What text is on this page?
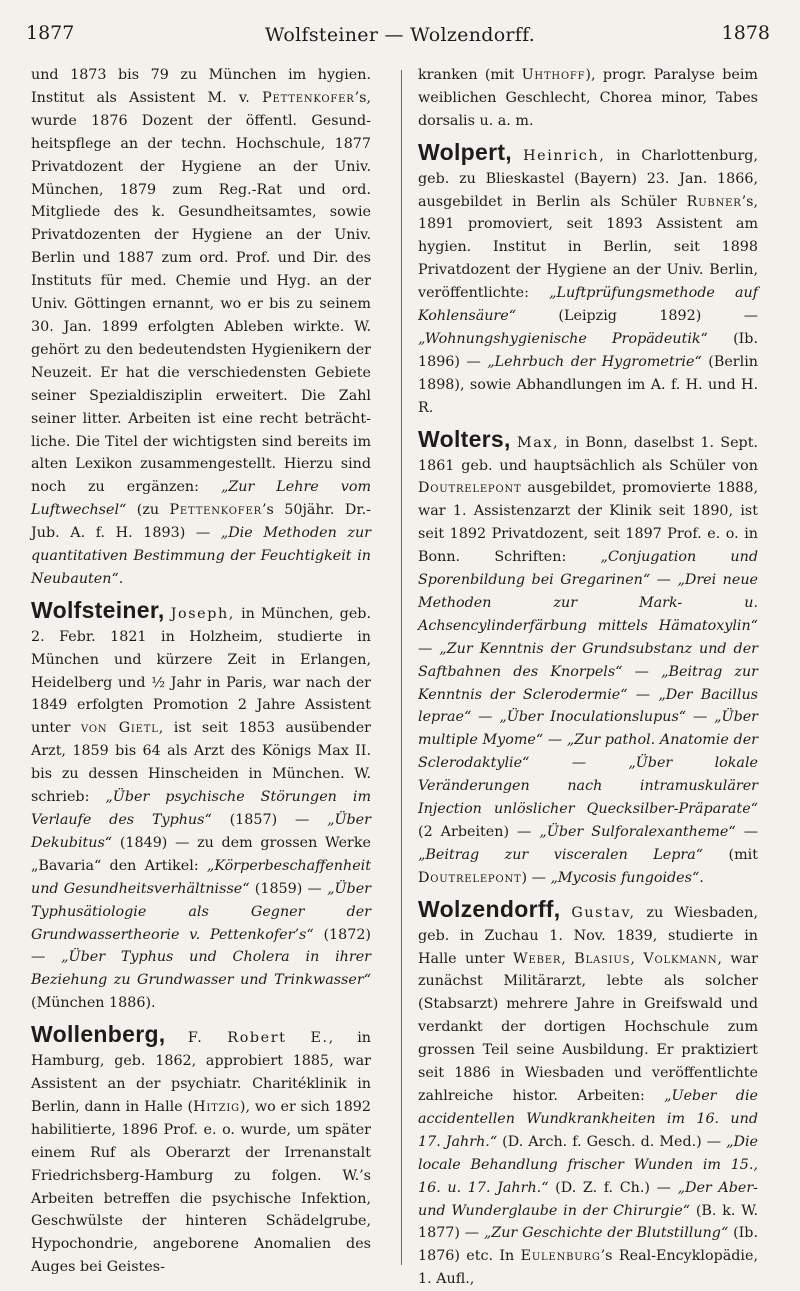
1877	Wolfsteiner — Wolzendorff.	1878

und 1873 bis 79 zu München im hygien. Institut als Assistent M. v. Pettenkofer’s, wurde 1876 Dozent der öffentl. Gesundheitspflege an der techn. Hochschule, 1877 Privatdozent der Hygiene an der Univ. München, 1879 zum Reg.-Rat und ord. Mitgliede des k. Gesundheitsamtes, sowie Privatdozenten der Hygiene an der Univ. Berlin und 1887 zum ord. Prof. und Dir. des Instituts für med. Chemie und Hyg. an der Univ. Göttingen ernannt, wo er bis zu seinem 30. Jan. 1899 erfolgten Ableben wirkte. W. gehört zu den bedeutendsten Hygienikern der Neuzeit. Er hat die verschiedensten Gebiete seiner Spezialdisziplin erweitert. Die Zahl seiner litter. Arbeiten ist eine recht beträchtliche. Die Titel der wichtigsten sind bereits im alten Lexikon zusammengestellt. Hierzu sind noch zu ergänzen: „Zur Lehre vom Luftwechsel“ (zu Pettenkofer’s 50jähr. Dr.-Jub. A. f. H. 1893) — „Die Methoden zur quantitativen Bestimmung der Feuchtigkeit in Neubauten“.

Wolfsteiner, Joseph, in München, geb. 2. Febr. 1821 in Holzheim, studierte in München und kürzere Zeit in Erlangen, Heidelberg und ½ Jahr in Paris, war nach der 1849 erfolgten Promotion 2 Jahre Assistent unter von Gietl, ist seit 1853 ausübender Arzt, 1859 bis 64 als Arzt des Königs Max II. bis zu dessen Hinscheiden in München. W. schrieb: „Über psychische Störungen im Verlaufe des Typhus“ (1857) — „Über Dekubitus“ (1849) — zu dem grossen Werke „Bavaria“ den Artikel: „Körperbeschaffenheit und Gesundheitsverhältnisse“ (1859) — „Über Typhusätiologie als Gegner der Grundwassertheorie v. Pettenkofer’s“ (1872) — „Über Typhus und Cholera in ihrer Beziehung zu Grundwasser und Trinkwasser“ (München 1886).

Wollenberg, F. Robert E., in Hamburg, geb. 1862, approbiert 1885, war Assistent an der psychiatr. Charitéklinik in Berlin, dann in Halle (Hitzig), wo er sich 1892 habilitierte, 1896 Prof. e. o. wurde, um später einem Ruf als Oberarzt der Irrenanstalt Friedrichsberg-Hamburg zu folgen. W.’s Arbeiten betreffen die psychische Infektion, Geschwülste der hinteren Schädelgrube, Hypochondrie, angeborene Anomalien des Auges bei Geistes-

kranken (mit Uhthoff), progr. Paralyse beim weiblichen Geschlecht, Chorea minor, Tabes dorsalis u. a. m.

Wolpert, Heinrich, in Charlottenburg, geb. zu Blieskastel (Bayern) 23. Jan. 1866, ausgebildet in Berlin als Schüler Rubner’s, 1891 promoviert, seit 1893 Assistent am hygien. Institut in Berlin, seit 1898 Privatdozent der Hygiene an der Univ. Berlin, veröffentlichte: „Luftprüfungsmethode auf Kohlensäure“ (Leipzig 1892) — „Wohnungshygienische Propädeutik“ (Ib. 1896) — „Lehrbuch der Hygrometrie“ (Berlin 1898), sowie Abhandlungen im A. f. H. und H. R.

Wolters, Max, in Bonn, daselbst 1. Sept. 1861 geb. und hauptsächlich als Schüler von Doutrelepont ausgebildet, promovierte 1888, war 1. Assistenzarzt der Klinik seit 1890, ist seit 1892 Privatdozent, seit 1897 Prof. e. o. in Bonn. Schriften: „Conjugation und Sporenbildung bei Gregarinen“ — „Drei neue Methoden zur Mark- u. Achsencylinderfärbung mittels Hämatoxylin“ — „Zur Kenntnis der Grundsubstanz und der Saftbahnen des Knorpels“ — „Beitrag zur Kenntnis der Sclerodermie“ — „Der Bacillus leprae“ — „Über Inoculationslupus“ — „Über multiple Myome“ — „Zur pathol. Anatomie der Sclerodaktylie“ — „Über lokale Veränderungen nach intramuskulärer Injection unlöslicher Quecksilber-Präparate“ (2 Arbeiten) — „Über Sulforalexantheme“ — „Beitrag zur visceralen Lepra“ (mit Doutrelepont) — „Mycosis fungoides“.

Wolzendorff, Gustav, zu Wiesbaden, geb. in Zuchau 1. Nov. 1839, studierte in Halle unter Weber, Blasius, Volkmann, war zunächst Militärarzt, lebte als solcher (Stabsarzt) mehrere Jahre in Greifswald und verdankt der dortigen Hochschule zum grossen Teil seine Ausbildung. Er praktiziert seit 1886 in Wiesbaden und veröffentlichte zahlreiche histor. Arbeiten: „Ueber die accidentellen Wundkrankheiten im 16. und 17. Jahrh.“ (D. Arch. f. Gesch. d. Med.) — „Die locale Behandlung frischer Wunden im 15., 16. u. 17. Jahrh.“ (D. Z. f. Ch.) — „Der Aber- und Wunderglaube in der Chirurgie“ (B. k. W. 1877) — „Zur Geschichte der Blutstillung“ (Ib. 1876) etc. In Eulenburg’s Real-Encyklopädie, 1. Aufl.,
